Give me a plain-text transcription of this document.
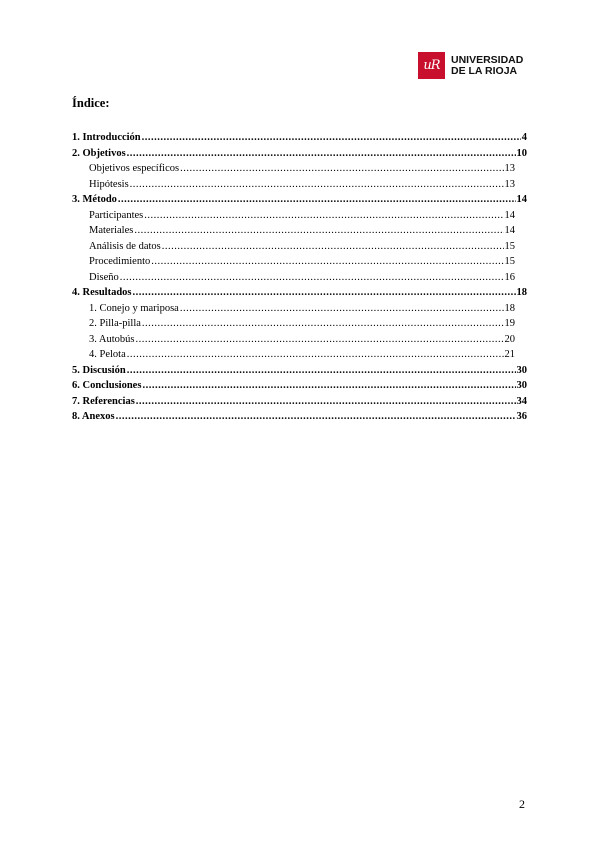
uR	UNIVERSIDAD
DE LA RIOJA
Índice:
1. Introducción .....	4
2. Objetivos .....	10
Objetivos específicos .....	13
Hipótesis .....	13
3. Método .....	14
Participantes .....	14
Materiales .....	14
Análisis de datos .....	15
Procedimiento .....	15
Diseño .....	16
4. Resultados .....	18
1. Conejo y mariposa .....	18
2. Pilla-pilla .....	19
3. Autobús .....	20
4. Pelota .....	21
5. Discusión .....	30
6. Conclusiones .....	30
7. Referencias .....	34
8. Anexos .....	36
2
